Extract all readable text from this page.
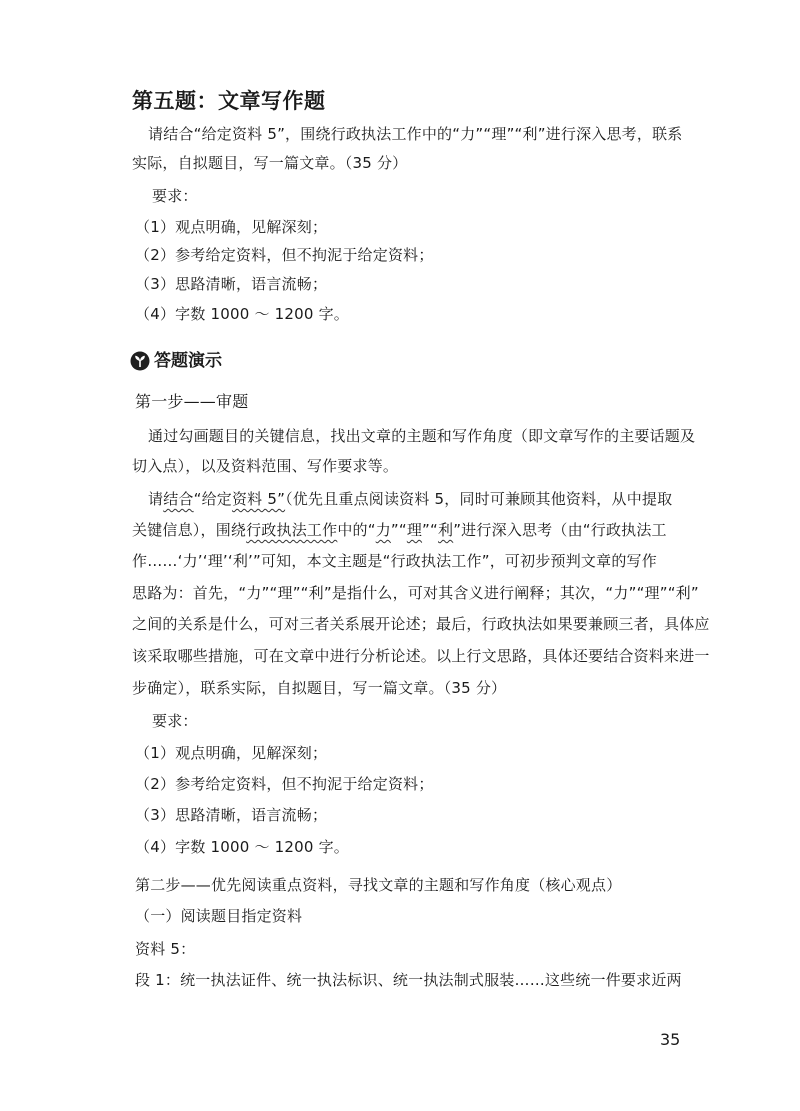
第五题：文章写作题
请结合“给定资料 5”，围绕行政执法工作中的“力”“理”“利”进行深入思考，联系
实际，自拟题目，写一篇文章。（35 分）
要求：
（1）观点明确，见解深刻；
（2）参考给定资料，但不拘泥于给定资料；
（3）思路清晰，语言流畅；
（4）字数 1000 ～ 1200 字。
答题演示
第一步——审题
通过勾画题目的关键信息，找出文章的主题和写作角度（即文章写作的主要话题及
切入点），以及资料范围、写作要求等。
请结合“给定资料 5”（优先且重点阅读资料 5，同时可兼顾其他资料，从中提取
关键信息），围绕行政执法工作中的“力”“理”“利”进行深入思考（由“行政执法工
作……‘力’‘理’‘利’”可知，本文主题是“行政执法工作”，可初步预判文章的写作
思路为：首先，“力”“理”“利”是指什么，可对其含义进行阐释；其次，“力”“理”“利”
之间的关系是什么，可对三者关系展开论述；最后，行政执法如果要兼顾三者，具体应
该采取哪些措施，可在文章中进行分析论述。以上行文思路，具体还要结合资料来进一
步确定），联系实际，自拟题目，写一篇文章。（35 分）
要求：
（1）观点明确，见解深刻；
（2）参考给定资料，但不拘泥于给定资料；
（3）思路清晰，语言流畅；
（4）字数 1000 ～ 1200 字。
第二步——优先阅读重点资料，寻找文章的主题和写作角度（核心观点）
（一）阅读题目指定资料
资料 5：
段 1：统一执法证件、统一执法标识、统一执法制式服装……这些统一件要求近两
35
